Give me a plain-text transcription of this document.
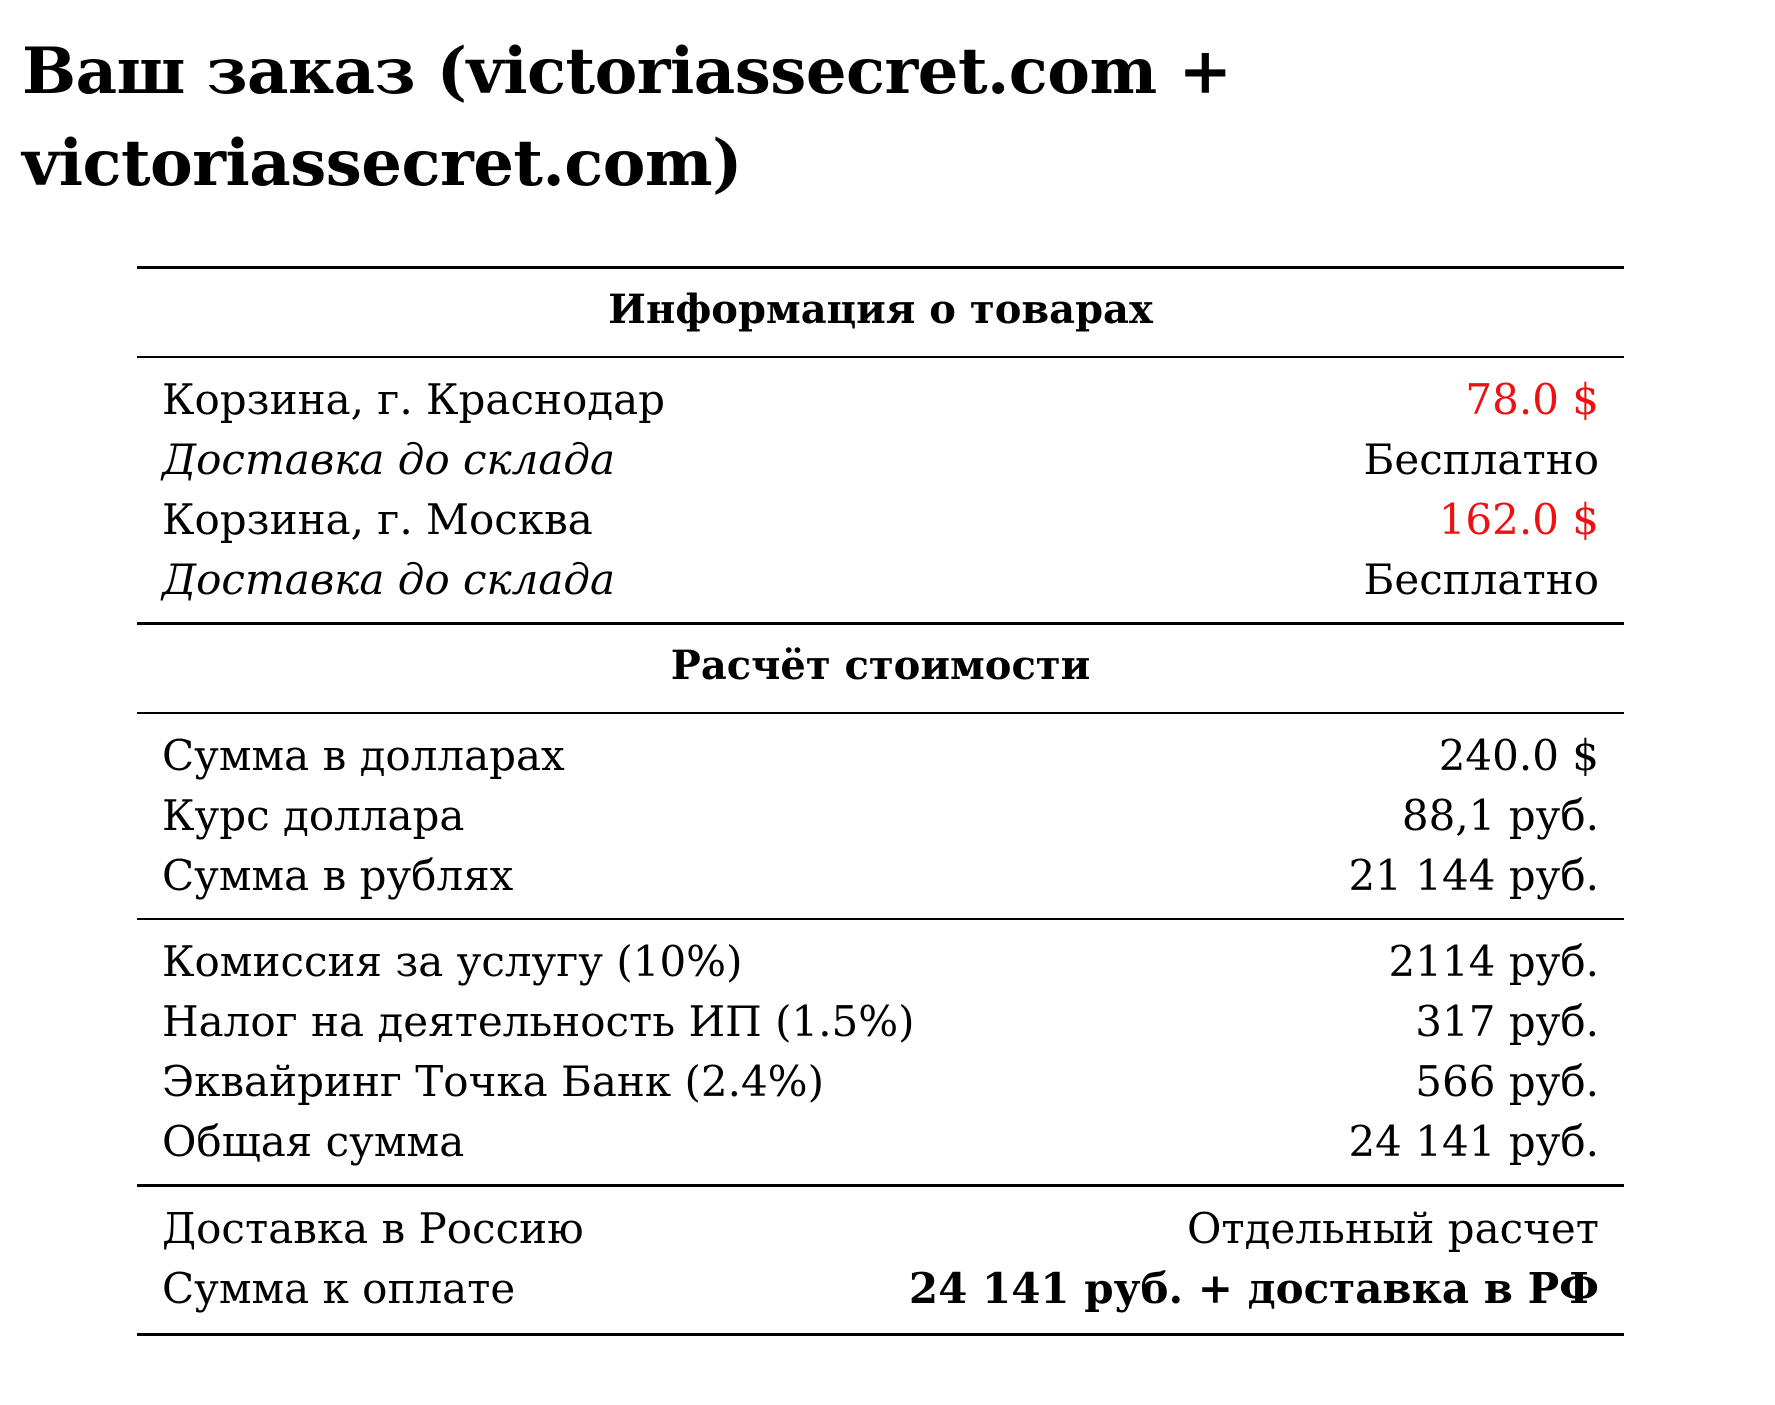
Ваш заказ (victoriassecret.com + victoriassecret.com)
Информация о товарах
Корзина, г. Краснодар	78.0 $
Доставка до склада	Бесплатно
Корзина, г. Москва	162.0 $
Доставка до склада	Бесплатно
Расчёт стоимости
Сумма в долларах	240.0 $
Курс доллара	88,1 руб.
Сумма в рублях	21 144 руб.
Комиссия за услугу (10%)	2114 руб.
Налог на деятельность ИП (1.5%)	317 руб.
Эквайринг Точка Банк (2.4%)	566 руб.
Общая сумма	24 141 руб.
Доставка в Россию	Отдельный расчет
Сумма к оплате	24 141 руб. + доставка в РФ
